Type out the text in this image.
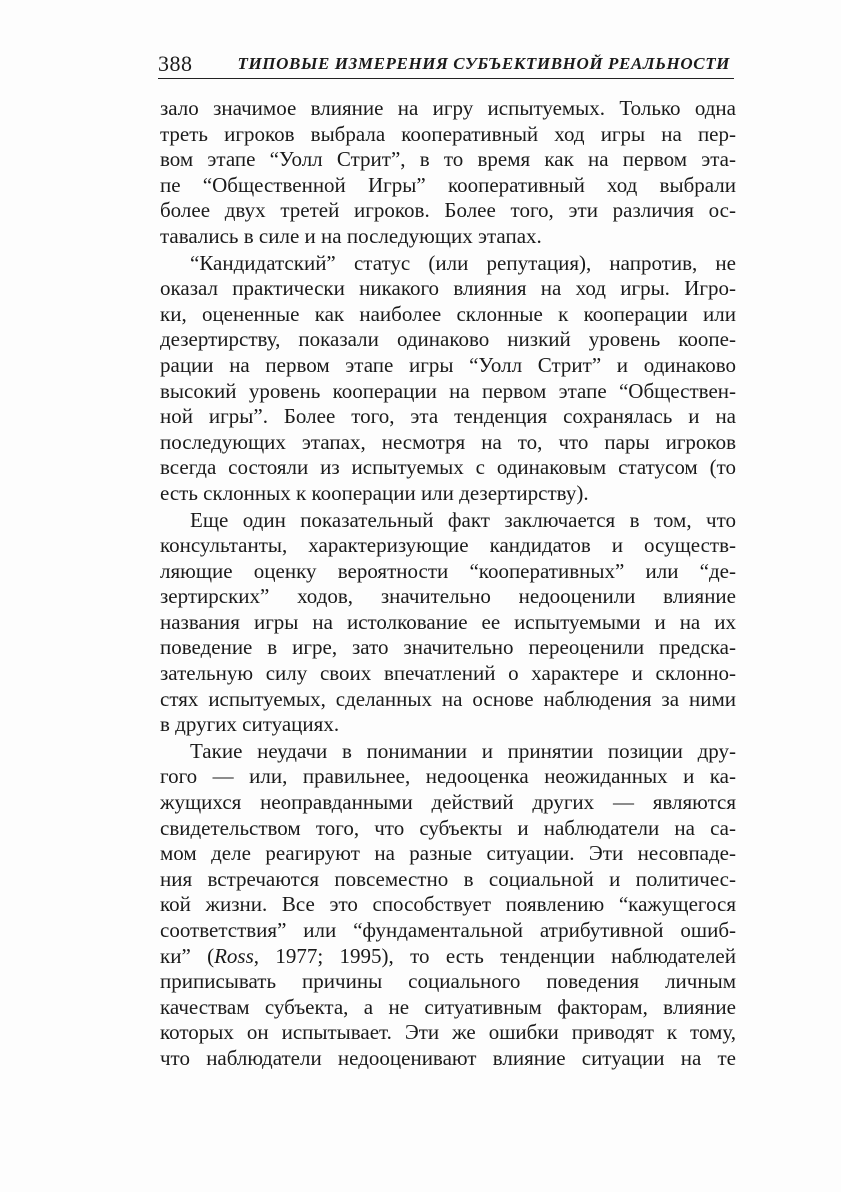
388	ТИПОВЫЕ ИЗМЕРЕНИЯ СУБЪЕКТИВНОЙ РЕАЛЬНОСТИ

зало значимое влияние на игру испытуемых. Только одна
треть игроков выбрала кооперативный ход игры на пер-
вом этапе “Уолл Стрит”, в то время как на первом эта-
пе “Общественной Игры” кооперативный ход выбрали
более двух третей игроков. Более того, эти различия ос-
тавались в силе и на последующих этапах.

“Кандидатский” статус (или репутация), напротив, не
оказал практически никакого влияния на ход игры. Игро-
ки, оцененные как наиболее склонные к кооперации или
дезертирству, показали одинаково низкий уровень коопе-
рации на первом этапе игры “Уолл Стрит” и одинаково
высокий уровень кооперации на первом этапе “Обществен-
ной игры”. Более того, эта тенденция сохранялась и на
последующих этапах, несмотря на то, что пары игроков
всегда состояли из испытуемых с одинаковым статусом (то
есть склонных к кооперации или дезертирству).

Еще один показательный факт заключается в том, что
консультанты, характеризующие кандидатов и осуществ-
ляющие оценку вероятности “кооперативных” или “де-
зертирских” ходов, значительно недооценили влияние
названия игры на истолкование ее испытуемыми и на их
поведение в игре, зато значительно переоценили предска-
зательную силу своих впечатлений о характере и склонно-
стях испытуемых, сделанных на основе наблюдения за ними
в других ситуациях.

Такие неудачи в понимании и принятии позиции дру-
гого — или, правильнее, недооценка неожиданных и ка-
жущихся неоправданными действий других — являются
свидетельством того, что субъекты и наблюдатели на са-
мом деле реагируют на разные ситуации. Эти несовпаде-
ния встречаются повсеместно в социальной и политичес-
кой жизни. Все это способствует появлению “кажущегося
соответствия” или “фундаментальной атрибутивной ошиб-
ки” (Ross, 1977; 1995), то есть тенденции наблюдателей
приписывать причины социального поведения личным
качествам субъекта, а не ситуативным факторам, влияние
которых он испытывает. Эти же ошибки приводят к тому,
что наблюдатели недооценивают влияние ситуации на те
